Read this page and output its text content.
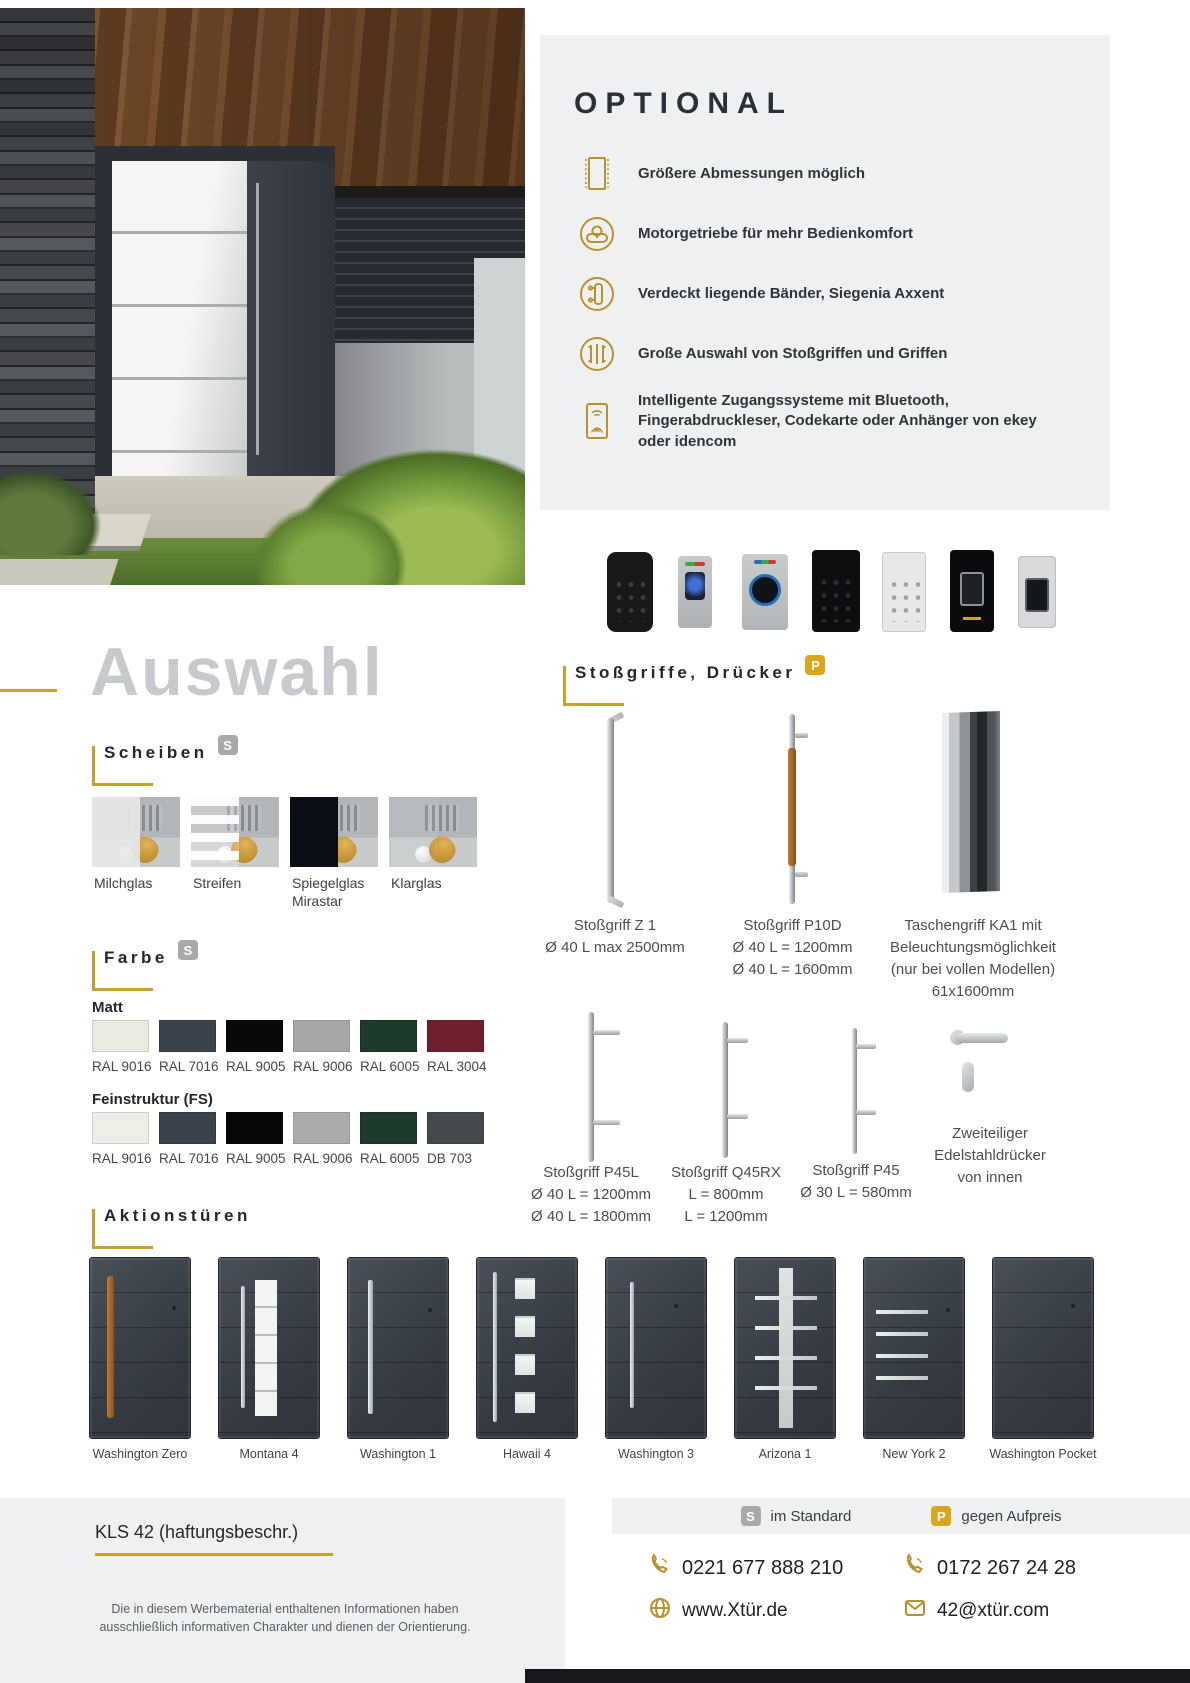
OPTIONAL
Größere Abmessungen möglich
Motorgetriebe für mehr Bedienkomfort
Verdeckt liegende Bänder, Siegenia Axxent
Große Auswahl von Stoßgriffen und Griffen
Intelligente Zugangssysteme mit Bluetooth, Fingerabdruckleser, Codekarte oder Anhänger von ekey oder idencom
Auswahl
Scheiben	S
Milchglas	Streifen	Spiegelglas Mirastar
Klarglas
Farbe	S
Matt
RAL 9016 RAL 7016 RAL 9005 RAL 9006 RAL 6005 RAL 3004
Feinstruktur (FS)
RAL 9016 RAL 7016 RAL 9005 RAL 9006 RAL 6005 DB 703
Stoßgriffe, Drücker	P
Stoßgriff Z 1
Ø 40 L max 2500mm
Stoßgriff P10D
Ø 40 L = 1200mm
Ø 40 L = 1600mm
Taschengriff KA1 mit
Beleuchtungsmöglichkeit
(nur bei vollen Modellen)
61x1600mm
Stoßgriff P45L
Ø 40 L = 1200mm
Ø 40 L = 1800mm
Stoßgriff Q45RX
L = 800mm
L = 1200mm
Stoßgriff P45
Ø 30 L = 580mm
Zweiteiliger
Edelstahldrücker
von innen
Aktionstüren
Washington Zero	Montana 4	Washington 1	Hawaii 4	Washington 3	Arizona 1	New York 2	Washington Pocket
KLS 42 (haftungsbeschr.)
Die in diesem Werbematerial enthaltenen Informationen haben
ausschließlich informativen Charakter und dienen der Orientierung.
S	im Standard	P	gegen Aufpreis
0221 677 888 210	0172 267 24 28
www.Xtür.de	42@xtür.com
